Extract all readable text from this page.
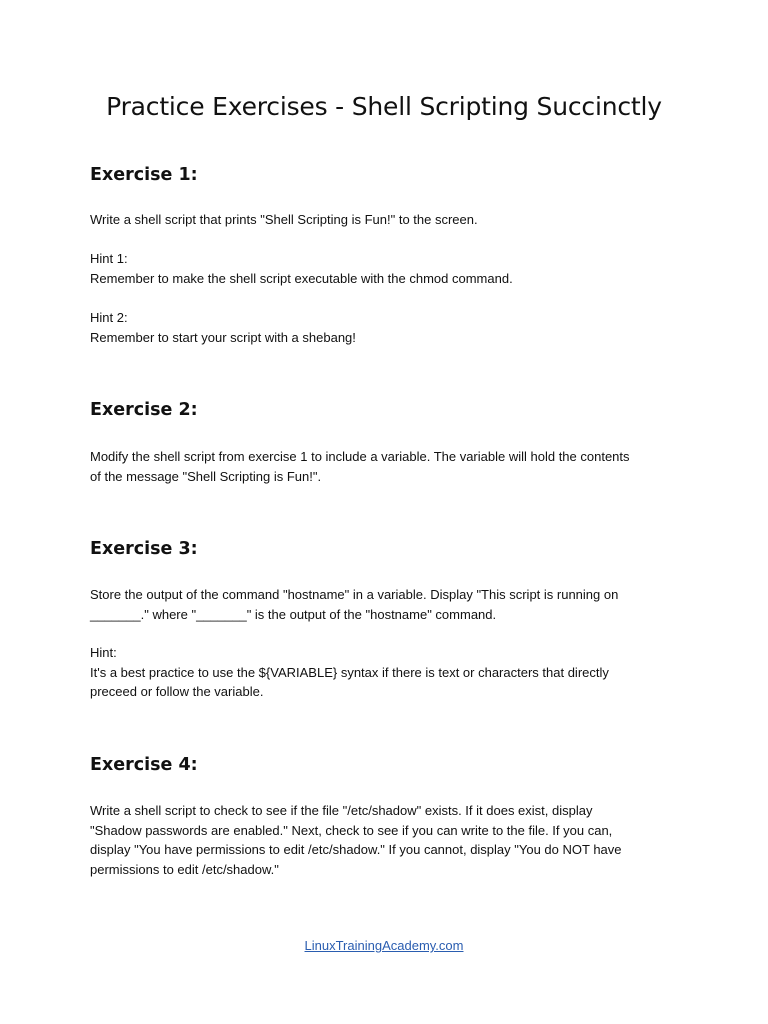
Practice Exercises - Shell Scripting Succinctly
Exercise 1:

Write a shell script that prints "Shell Scripting is Fun!" to the screen.

Hint 1:
Remember to make the shell script executable with the chmod command.

Hint 2:
Remember to start your script with a shebang!

Exercise 2:

Modify the shell script from exercise 1 to include a variable. The variable will hold the contents
of the message "Shell Scripting is Fun!".

Exercise 3:

Store the output of the command "hostname" in a variable. Display "This script is running on
_______." where "_______" is the output of the "hostname" command.

Hint:
It's a best practice to use the ${VARIABLE} syntax if there is text or characters that directly
preceed or follow the variable.

Exercise 4:

Write a shell script to check to see if the file "/etc/shadow" exists. If it does exist, display
"Shadow passwords are enabled." Next, check to see if you can write to the file. If you can,
display "You have permissions to edit /etc/shadow." If you cannot, display "You do NOT have
permissions to edit /etc/shadow."

LinuxTrainingAcademy.com
